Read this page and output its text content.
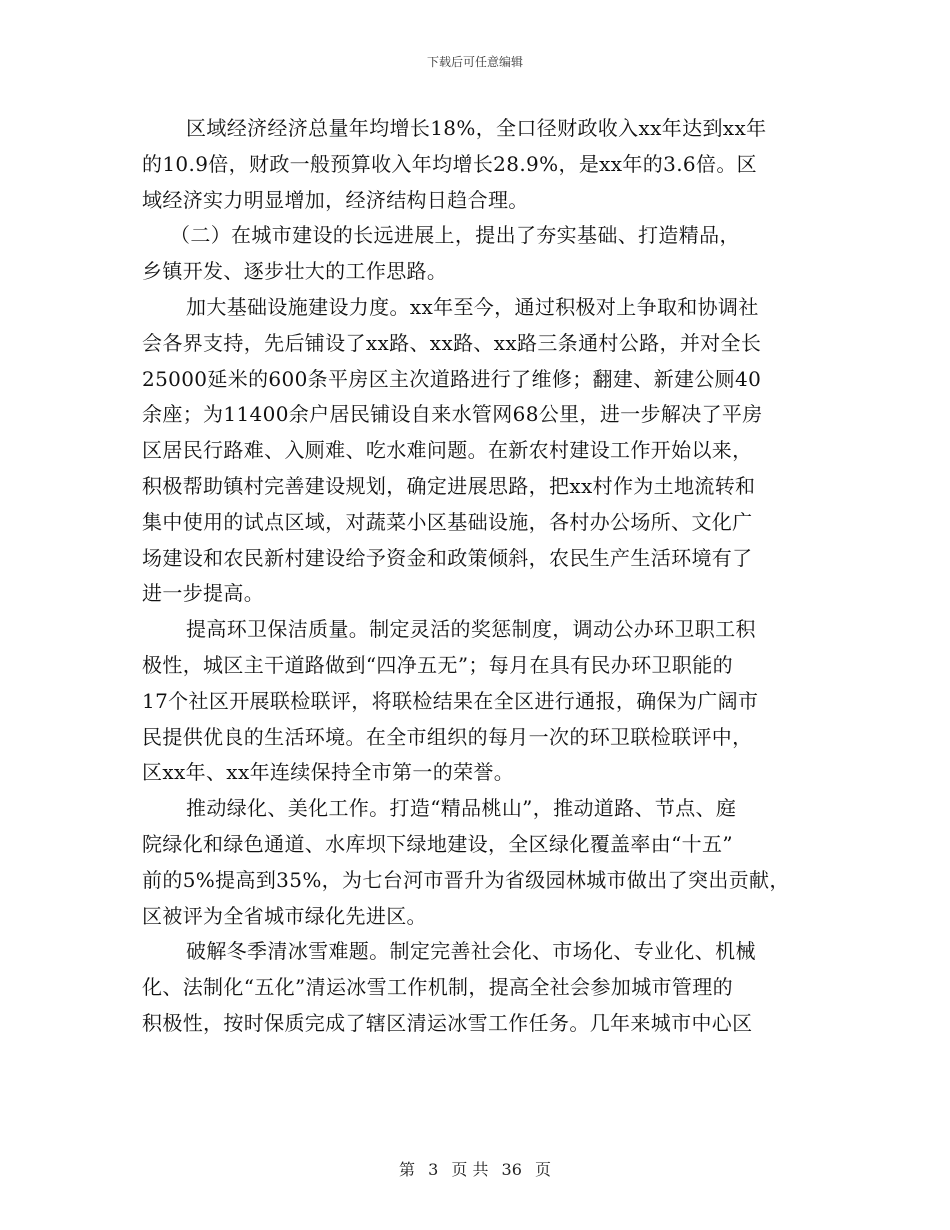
下载后可任意编辑
区域经济经济总量年均增长18%，全口径财政收入xx年达到xx年
的10.9倍，财政一般预算收入年均增长28.9%，是xx年的3.6倍。区
域经济实力明显增加，经济结构日趋合理。
（二）在城市建设的长远进展上，提出了夯实基础、打造精品，
乡镇开发、逐步壮大的工作思路。
加大基础设施建设力度。xx年至今，通过积极对上争取和协调社
会各界支持，先后铺设了xx路、xx路、xx路三条通村公路，并对全长
25000延米的600条平房区主次道路进行了维修；翻建、新建公厕40
余座；为11400余户居民铺设自来水管网68公里，进一步解决了平房
区居民行路难、入厕难、吃水难问题。在新农村建设工作开始以来，
积极帮助镇村完善建设规划，确定进展思路，把xx村作为土地流转和
集中使用的试点区域，对蔬菜小区基础设施，各村办公场所、文化广
场建设和农民新村建设给予资金和政策倾斜，农民生产生活环境有了
进一步提高。
提高环卫保洁质量。制定灵活的奖惩制度，调动公办环卫职工积
极性，城区主干道路做到“四净五无”；每月在具有民办环卫职能的
17个社区开展联检联评，将联检结果在全区进行通报，确保为广阔市
民提供优良的生活环境。在全市组织的每月一次的环卫联检联评中，
区xx年、xx年连续保持全市第一的荣誉。
推动绿化、美化工作。打造“精品桃山”，推动道路、节点、庭
院绿化和绿色通道、水库坝下绿地建设，全区绿化覆盖率由“十五”
前的5%提高到35%，为七台河市晋升为省级园林城市做出了突出贡献，
区被评为全省城市绿化先进区。
破解冬季清冰雪难题。制定完善社会化、市场化、专业化、机械
化、法制化“五化”清运冰雪工作机制，提高全社会参加城市管理的
积极性，按时保质完成了辖区清运冰雪工作任务。几年来城市中心区
第 3 页 共 36 页
